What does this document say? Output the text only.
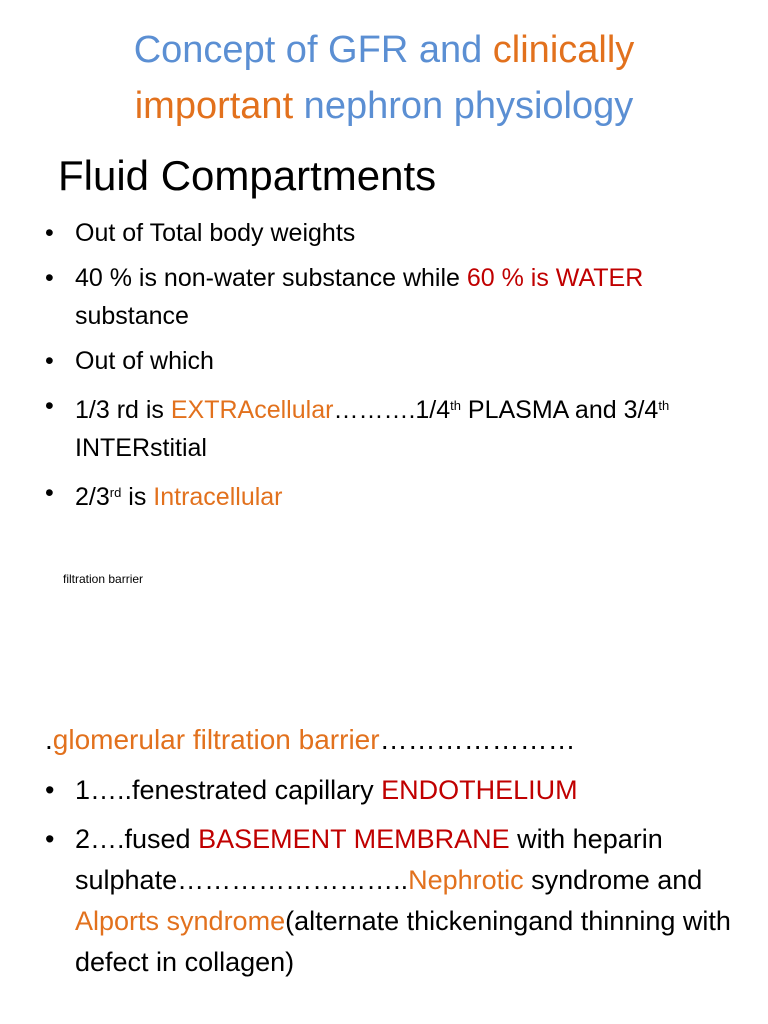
Concept of GFR and clinically
important nephron physiology
Fluid Compartments
• Out of Total body weights
• 40 % is non-water substance while 60 % is WATER substance
• Out of which
• 1/3 rd is EXTRAcellular……….1/4th PLASMA and 3/4th INTERstitial
• 2/3rd is Intracellular
filtration barrier
.glomerular filtration barrier…………………
• 1…..fenestrated capillary ENDOTHELIUM
• 2….fused BASEMENT MEMBRANE with heparin sulphate……………………..Nephrotic syndrome and Alports syndrome(alternate thickeningand thinning with defect in collagen)
